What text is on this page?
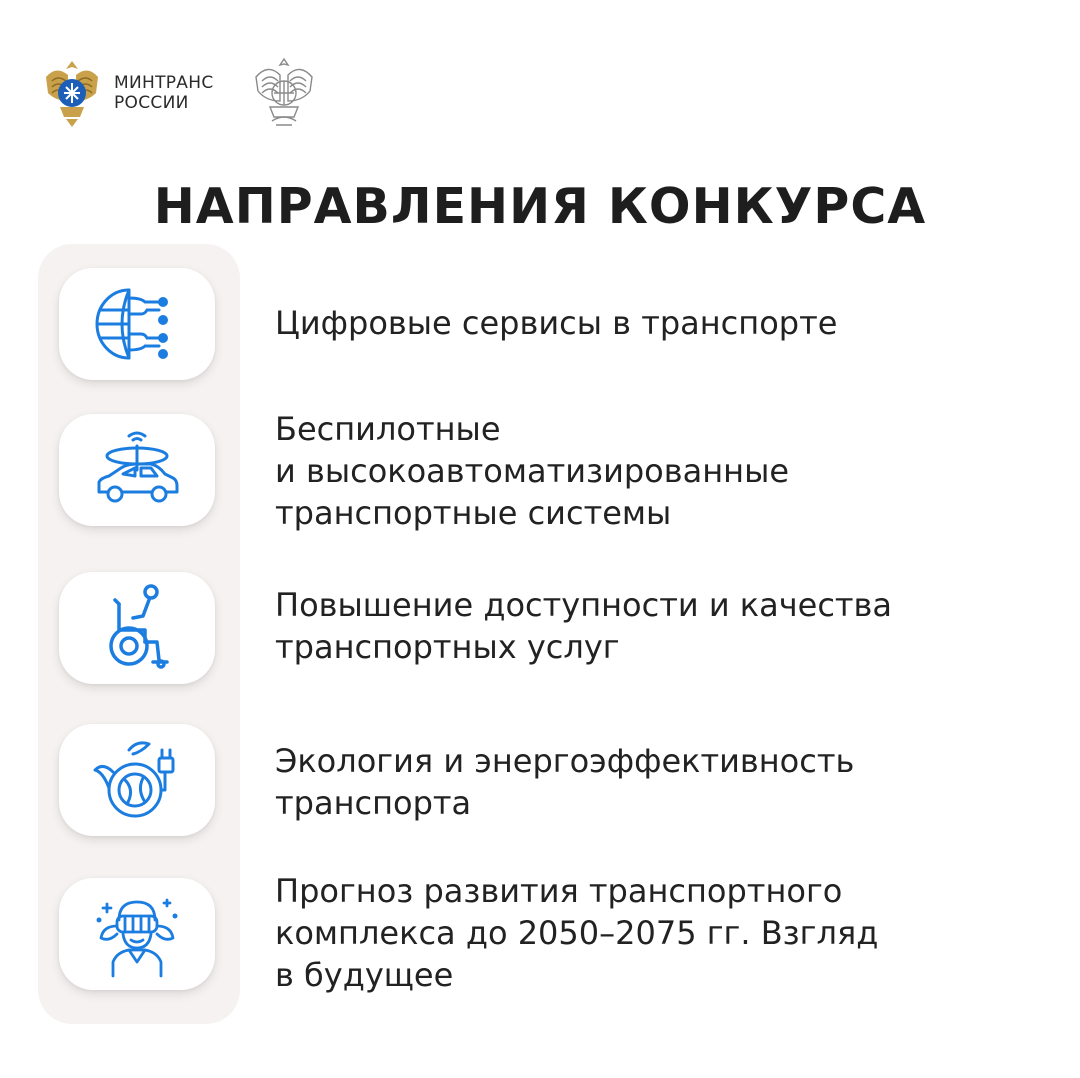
МИНТРАНС
РОССИИ
НАПРАВЛЕНИЯ КОНКУРСА
Цифровые сервисы в транспорте
Беспилотные
и высокоавтоматизированные
транспортные системы
Повышение доступности и качества
транспортных услуг
Экология и энергоэффективность
транспорта
Прогноз развития транспортного
комплекса до 2050–2075 гг. Взгляд
в будущее
